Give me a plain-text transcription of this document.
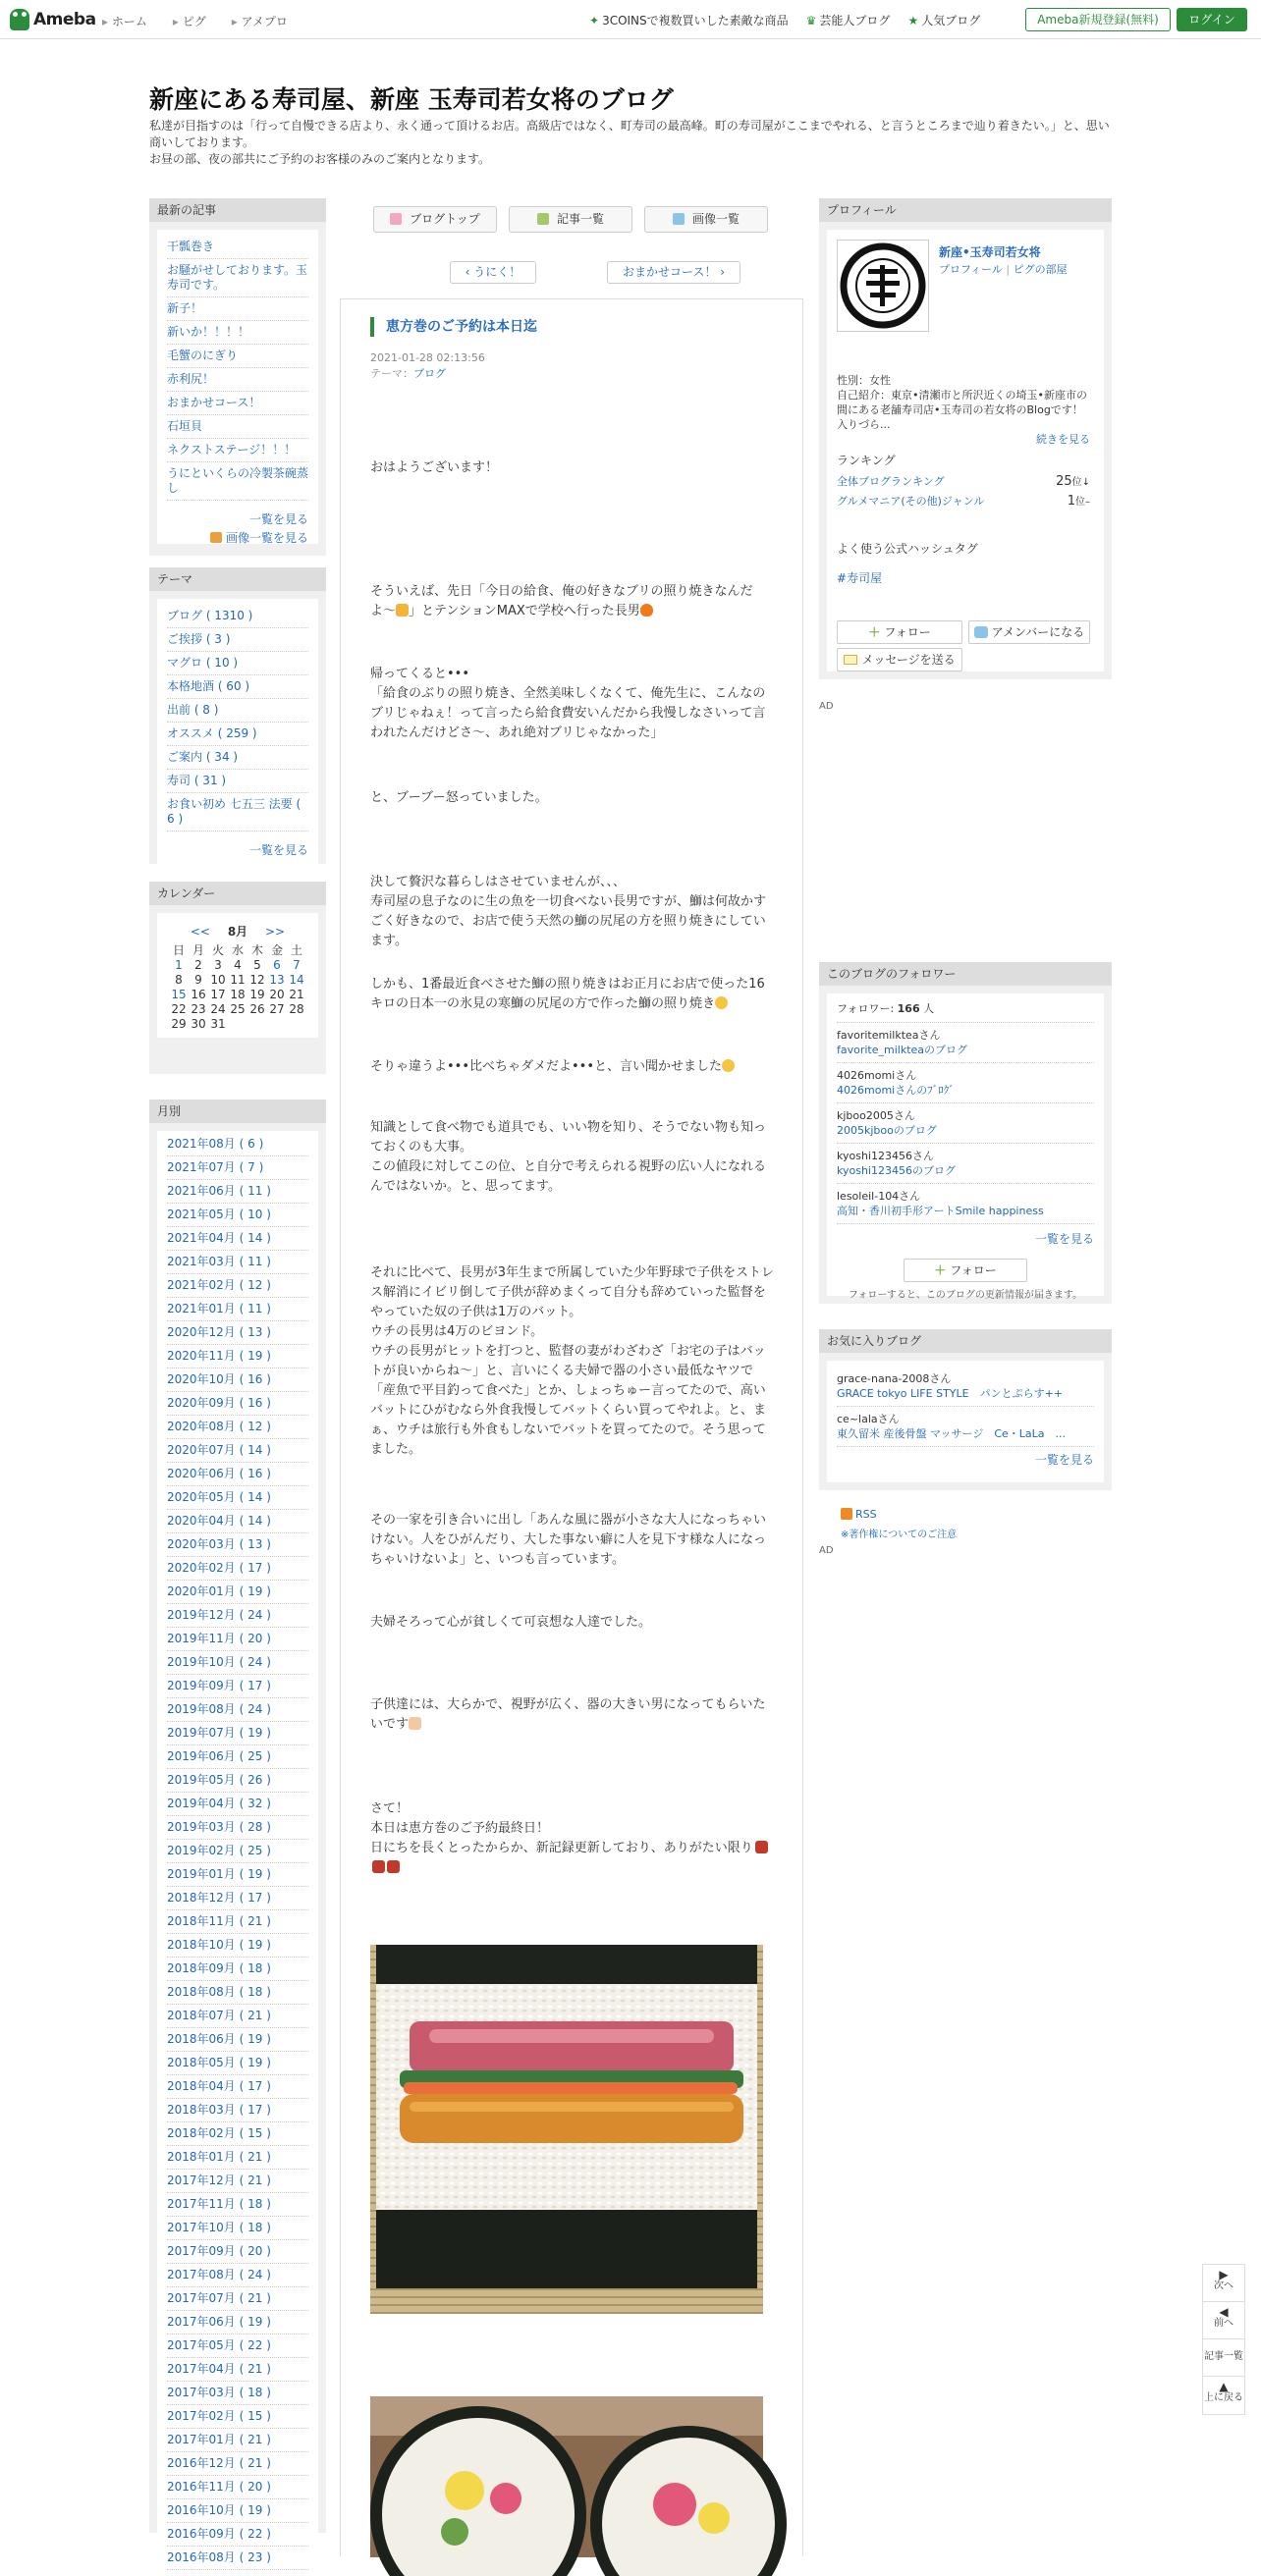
Ameba	▸ ホーム	▸ ピグ	▸ アメプロ	✦ 3COINSで複数買いした素敵な商品 ♛ 芸能人ブログ ★ 人気ブログ	Ameba新規登録(無料)	ログイン
新座にある寿司屋、新座 玉寿司若女将のブログ
私達が目指すのは「行って自慢できる店より、永く通って頂けるお店。高級店ではなく、町寿司の最高峰。町の寿司屋がここまでやれる、と言うところまで辿り着きたい。」と、思い商いしております。
お昼の部、夜の部共にご予約のお客様のみのご案内となります。
最新の記事
干瓢巻き
お騒がせしております。玉寿司です。
新子！
新いか！！！！
毛蟹のにぎり
赤利尻！
おまかせコース！
石垣貝
ネクストステージ！！！
うにといくらの冷製茶碗蒸し
一覧を見る
画像一覧を見る
テーマ
ブログ ( 1310 )
ご挨拶 ( 3 )
マグロ ( 10 )
本格地酒 ( 60 )
出前 ( 8 )
オススメ ( 259 )
ご案内 ( 34 )
寿司 ( 31 )
お食い初め 七五三 法要 ( 6 )
一覧を見る
カレンダー
<< 8月 >>
日 月 火 水 木 金 土
1	2	3	4	5	6	7
8	9 10 11 12 13 14
15 16 17 18 19 20 21
22 23 24 25 26 27 28
29 30 31
月別
2021年08月 ( 6 )
2021年07月 ( 7 )
2021年06月 ( 11 )
2021年05月 ( 10 )
2021年04月 ( 14 )
2021年03月 ( 11 )
2021年02月 ( 12 )
2021年01月 ( 11 )
2020年12月 ( 13 )
2020年11月 ( 19 )
2020年10月 ( 16 )
2020年09月 ( 16 )
2020年08月 ( 12 )
2020年07月 ( 14 )
2020年06月 ( 16 )
2020年05月 ( 14 )
2020年04月 ( 14 )
2020年03月 ( 13 )
2020年02月 ( 17 )
2020年01月 ( 19 )
2019年12月 ( 24 )
2019年11月 ( 20 )
2019年10月 ( 24 )
2019年09月 ( 17 )
2019年08月 ( 24 )
2019年07月 ( 19 )
2019年06月 ( 25 )
2019年05月 ( 26 )
2019年04月 ( 32 )
2019年03月 ( 28 )
2019年02月 ( 25 )
2019年01月 ( 19 )
2018年12月 ( 17 )
2018年11月 ( 21 )
2018年10月 ( 19 )
2018年09月 ( 18 )
2018年08月 ( 18 )
2018年07月 ( 21 )
2018年06月 ( 19 )
2018年05月 ( 19 )
2018年04月 ( 17 )
2018年03月 ( 17 )
2018年02月 ( 15 )
2018年01月 ( 21 )
2017年12月 ( 21 )
2017年11月 ( 18 )
2017年10月 ( 18 )
2017年09月 ( 20 )
2017年08月 ( 24 )
2017年07月 ( 21 )
2017年06月 ( 19 )
2017年05月 ( 22 )
2017年04月 ( 21 )
2017年03月 ( 18 )
2017年02月 ( 15 )
2017年01月 ( 21 )
2016年12月 ( 21 )
2016年11月 ( 20 )
2016年10月 ( 19 )
2016年09月 ( 22 )
2016年08月 ( 23 )
ブログトップ	記事一覧	画像一覧
‹ うにく！	おまかせコース！ ›
恵方巻のご予約は本日迄
2021-01-28 02:13:56
テーマ：ブログ
おはようございます！
そういえば、先日「今日の給食、俺の好きなブリの照り焼きなんだよ〜 」とテンションMAXで学校へ行った長男
帰ってくると•••
「給食のぶりの照り焼き、全然美味しくなくて、俺先生に、こんなのブリじゃねぇ！って言ったら給食費安いんだから我慢しなさいって言われたんだけどさ〜、あれ絶対ブリじゃなかった」
と、ブーブー怒っていました。
決して贅沢な暮らしはさせていませんが、、、
寿司屋の息子なのに生の魚を一切食べない長男ですが、鰤は何故かすごく好きなので、お店で使う天然の鰤の尻尾の方を照り焼きにしています。
しかも、1番最近食べさせた鰤の照り焼きはお正月にお店で使った16キロの日本一の氷見の寒鰤の尻尾の方で作った鰤の照り焼き
そりゃ違うよ•••比べちゃダメだよ•••と、言い聞かせました
知識として食べ物でも道具でも、いい物を知り、そうでない物も知っておくのも大事。
この値段に対してこの位、と自分で考えられる視野の広い人になれるんではないか。と、思ってます。
それに比べて、長男が3年生まで所属していた少年野球で子供をストレス解消にイビリ倒して子供が辞めまくって自分も辞めていった監督をやっていた奴の子供は1万のバット。
ウチの長男は4万のビヨンド。
ウチの長男がヒットを打つと、監督の妻がわざわざ「お宅の子はバットが良いからね〜」と、言いにくる夫婦で器の小さい最低なヤツで「産魚で平目釣って食べた」とか、しょっちゅー言ってたので、高いバットにひがむなら外食我慢してバットくらい買ってやれよ。と、まぁ、ウチは旅行も外食もしないでバットを買ってたので。そう思ってました。
その一家を引き合いに出し「あんな風に器が小さな大人になっちゃいけない。人をひがんだり、大した事ない癖に人を見下す様な人になっちゃいけないよ」と、いつも言っています。
夫婦そろって心が貧しくて可哀想な人達でした。
子供達には、大らかで、視野が広く、器の大きい男になってもらいたいです
さて！
本日は恵方巻のご予約最終日！
日にちを長くとったからか、新記録更新しており、ありがたい限り
プロフィール
新座•玉寿司若女将
プロフィール | ピグの部屋
性別：女性
自己紹介：東京•清瀬市と所沢近くの埼玉•新座市の間にある老舗寿司店•玉寿司の若女将のBlogです！ 入りづら...
続きを見る
ランキング
全体ブログランキング	25位↓
グルメマニア(その他)ジャンル	1位–
よく使う公式ハッシュタグ
#寿司屋
＋ フォロー	アメンバーになる
メッセージを送る
AD
このブログのフォロワー
フォロワー: 166 人
favoritemilkteaさん
favorite_milkteaのブログ
4026momiさん
4026momiさんのﾌﾞﾛｸﾞ
kjboo2005さん
2005kjbooのブログ
kyoshi123456さん
kyoshi123456のブログ
lesoleil-104さん
高知・香川初手形アートSmile happiness
一覧を見る
＋ フォロー
フォローすると、このブログの更新情報が届きます。
お気に入りブログ
grace-nana-2008さん
GRACE tokyo LIFE STYLE　パンとぷらす++
ce~lalaさん
東久留米 産後骨盤 マッサージ　Ce・LaLa　...
一覧を見る
RSS
※著作権についてのご注意
AD
▶
次へ
◀
前へ
記事一覧
▲
上に戻る
